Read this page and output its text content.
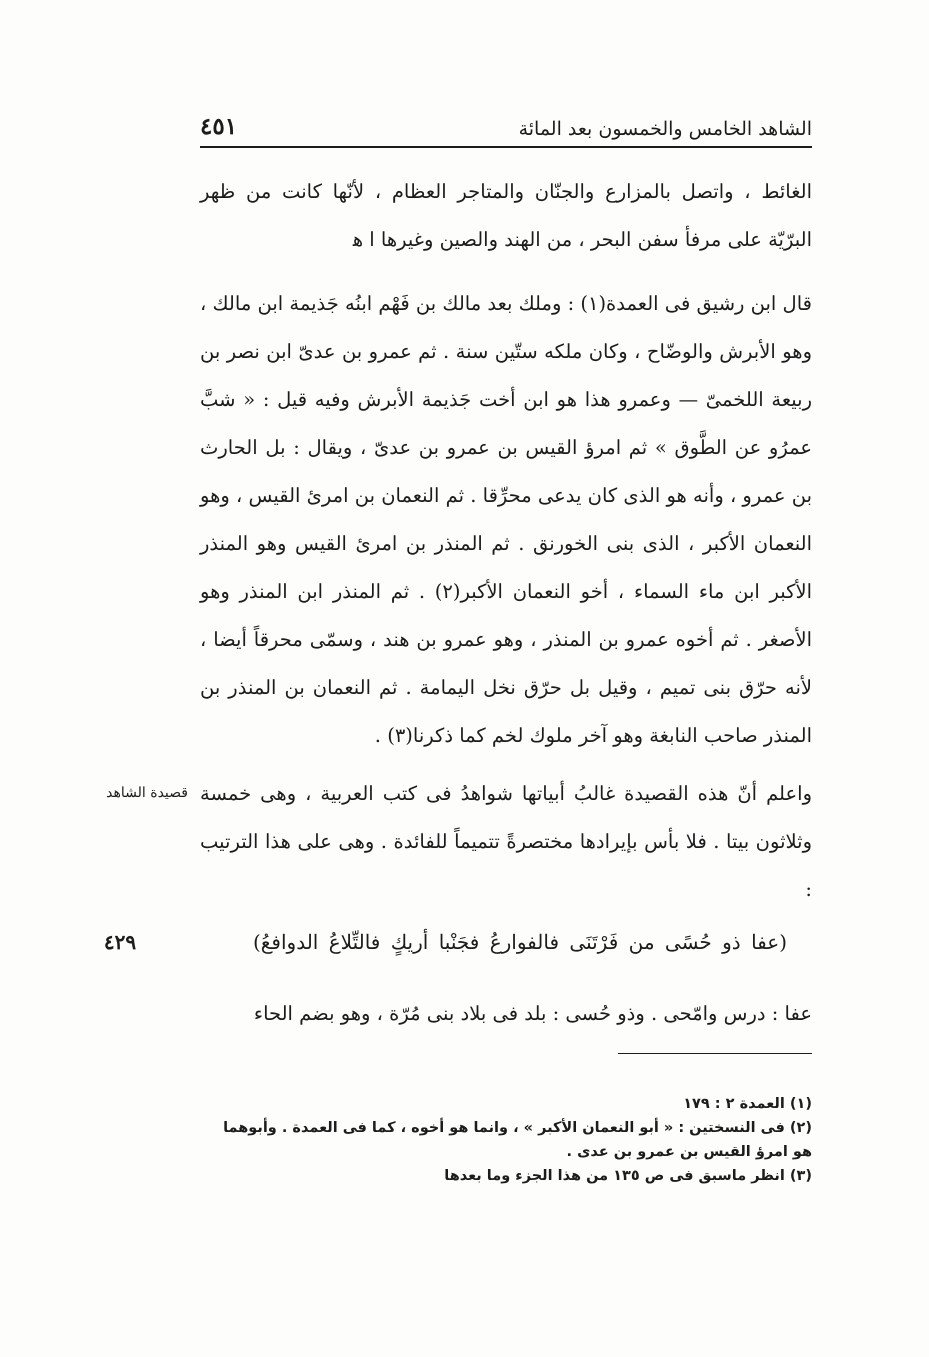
الشاهد الخامس والخمسون بعد المائة
٤٥١

الغائط ، واتصل بالمزارع والجنّان والمتاجر العظام ، لأنّها كانت من ظهر البرّيّة على مرفأ سفن البحر ، من الهند والصين وغيرها ا ﻫ

قال ابن رشيق فى العمدة(١) : وملك بعد مالك بن فَهْم ابنُه جَذيمة ابن مالك ، وهو الأبرش والوضّاح ، وكان ملكه ستّين سنة . ثم عمرو بن عدىّ ابن نصر بن ربيعة اللخمىّ — وعمرو هذا هو ابن أخت جَذيمة الأبرش وفيه قيل : « شبَّ عمرُو عن الطَّوق » ثم امرؤ القيس بن عمرو بن عدىّ ، ويقال : بل الحارث بن عمرو ، وأنه هو الذى كان يدعى محرِّقا . ثم النعمان بن امرئ القيس ، وهو النعمان الأكبر ، الذى بنى الخورنق . ثم المنذر بن امرئ القيس وهو المنذر الأكبر ابن ماء السماء ، أخو النعمان الأكبر(٢) . ثم المنذر ابن المنذر وهو الأصغر . ثم أخوه عمرو بن المنذر ، وهو عمرو بن هند ، وسمّى محرقاً أيضا ، لأنه حرّق بنى تميم ، وقيل بل حرّق نخل اليمامة . ثم النعمان بن المنذر بن المنذر صاحب النابغة وهو آخر ملوك لخم كما ذكرنا(٣) .

قصيدة الشاهد واعلم أنّ هذه القصيدة غالبُ أبياتها شواهدُ فى كتب العربية ، وهى خمسة وثلاثون بيتا . فلا بأس بإيرادها مختصرةً تتميماً للفائدة . وهى على هذا الترتيب :

٤٢٩	(عفا ذو حُسًى من فَرْتَنَى فالفوارعُ فجَنْبا أريكٍ فالتِّلاعُ الدوافعُ)

عفا : درس وامّحى . وذو حُسى : بلد فى بلاد بنى مُرّة ، وهو بضم الحاء

(١) العمدة ٢ : ١٧٩

(٢) فى النسختين : « أبو النعمان الأكبر » ، وانما هو أخوه ، كما فى العمدة . وأبوهما هو امرؤ القيس بن عمرو بن عدى .

(٣) انظر ماسبق فى ص ١٣٥ من هذا الجزء وما بعدها
